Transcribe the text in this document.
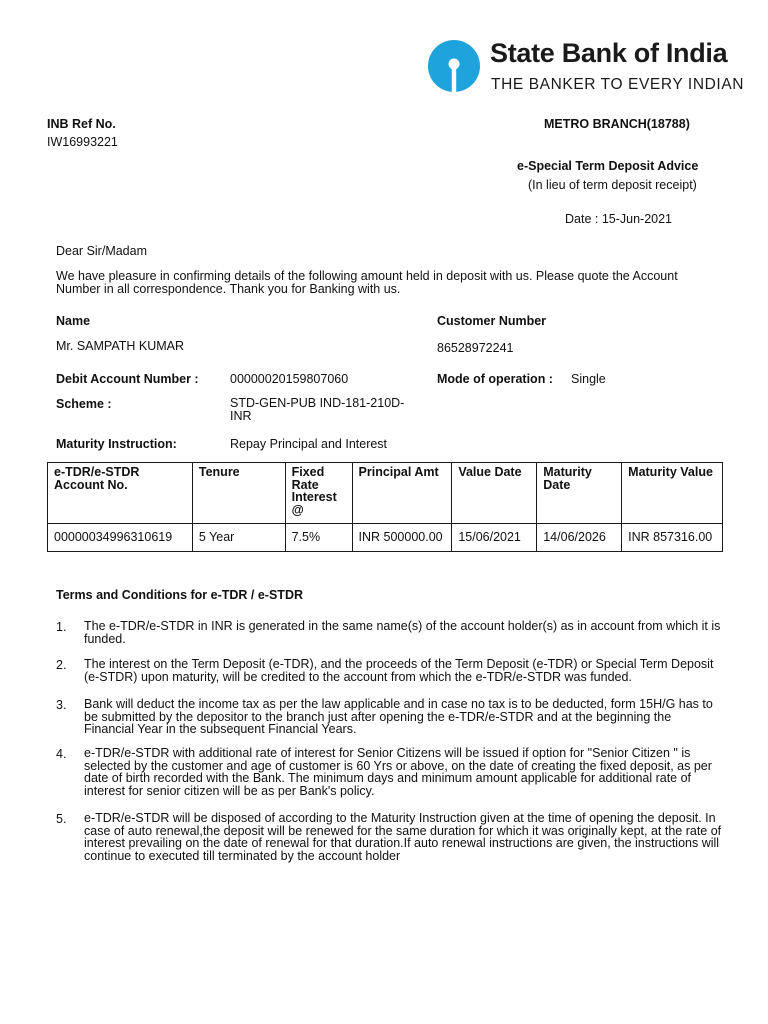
State Bank of India
THE BANKER TO EVERY INDIAN
INB Ref No.
IW16993221
METRO BRANCH(18788)
e-Special Term Deposit Advice
(In lieu of term deposit receipt)
Date : 15-Jun-2021
Dear Sir/Madam
We have pleasure in confirming details of the following amount held in deposit with us. Please quote the Account Number in all correspondence. Thank you for Banking with us.
Name
Mr. SAMPATH KUMAR
Customer Number
86528972241
Debit Account Number :	00000020159807060	Mode of operation : Single
Scheme :	STD-GEN-PUB IND-181-210D-INR
Maturity Instruction:	Repay Principal and Interest
e-TDR/e-STDR Account No.	Tenure	Fixed Rate Interest @	Principal Amt	Value Date	Maturity Date	Maturity Value
00000034996310619	5 Year	7.5%	INR 500000.00	15/06/2021	14/06/2026	INR 857316.00
Terms and Conditions for e-TDR / e-STDR
1. The e-TDR/e-STDR in INR is generated in the same name(s) of the account holder(s) as in account from which it is funded.
2. The interest on the Term Deposit (e-TDR), and the proceeds of the Term Deposit (e-TDR) or Special Term Deposit (e-STDR) upon maturity, will be credited to the account from which the e-TDR/e-STDR was funded.
3. Bank will deduct the income tax as per the law applicable and in case no tax is to be deducted, form 15H/G has to be submitted by the depositor to the branch just after opening the e-TDR/e-STDR and at the beginning the Financial Year in the subsequent Financial Years.
4. e-TDR/e-STDR with additional rate of interest for Senior Citizens will be issued if option for "Senior Citizen " is selected by the customer and age of customer is 60 Yrs or above, on the date of creating the fixed deposit, as per date of birth recorded with the Bank. The minimum days and minimum amount applicable for additional rate of interest for senior citizen will be as per Bank's policy.
5. e-TDR/e-STDR will be disposed of according to the Maturity Instruction given at the time of opening the deposit. In case of auto renewal,the deposit will be renewed for the same duration for which it was originally kept, at the rate of interest prevailing on the date of renewal for that duration.If auto renewal instructions are given, the instructions will continue to executed till terminated by the account holder
